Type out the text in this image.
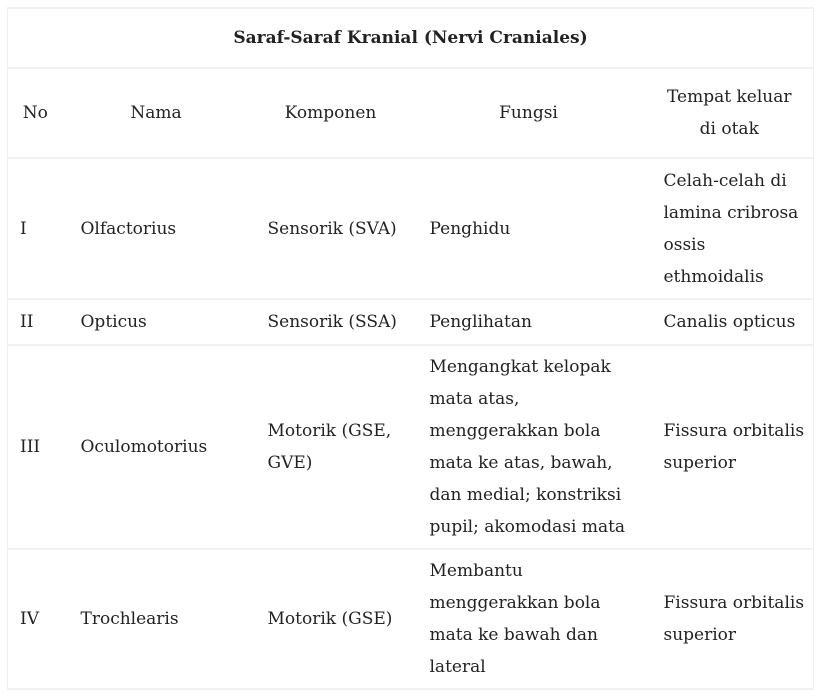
Saraf-Saraf Kranial (Nervi Craniales)				
No	Nama	Komponen	Fungsi	Tempat keluar di otak
I	Olfactorius	Sensorik (SVA)	Penghidu	Celah-celah di lamina cribrosa ossis ethmoidalis
II	Opticus	Sensorik (SSA)	Penglihatan	Canalis opticus
III	Oculomotorius	Motorik (GSE, GVE)	Mengangkat kelopak mata atas, menggerakkan bola mata ke atas, bawah, dan medial; konstriksi pupil; akomodasi mata	Fissura orbitalis superior
IV	Trochlearis	Motorik (GSE)	Membantu menggerakkan bola mata ke bawah dan lateral	Fissura orbitalis superior
